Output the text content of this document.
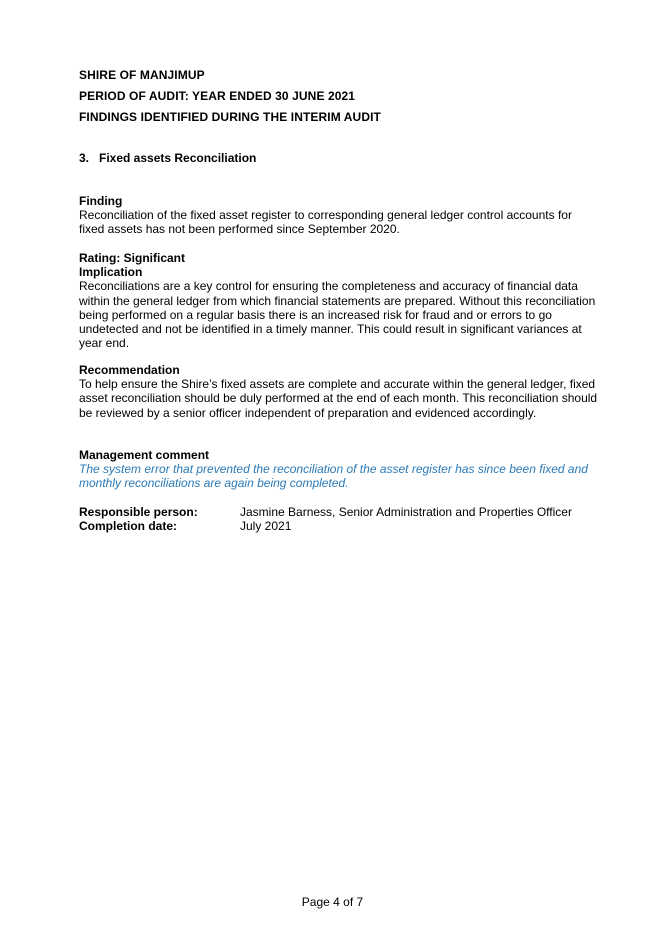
SHIRE OF MANJIMUP
PERIOD OF AUDIT: YEAR ENDED 30 JUNE 2021
FINDINGS IDENTIFIED DURING THE INTERIM AUDIT
3. Fixed assets Reconciliation
Finding

Reconciliation of the fixed asset register to corresponding general ledger control accounts for fixed assets has not been performed since September 2020.

Rating: Significant
Implication

Reconciliations are a key control for ensuring the completeness and accuracy of financial data within the general ledger from which financial statements are prepared. Without this reconciliation being performed on a regular basis there is an increased risk for fraud and or errors to go undetected and not be identified in a timely manner. This could result in significant variances at year end.

Recommendation

To help ensure the Shire’s fixed assets are complete and accurate within the general ledger, fixed asset reconciliation should be duly performed at the end of each month. This reconciliation should be reviewed by a senior officer independent of preparation and evidenced accordingly.

Management comment

The system error that prevented the reconciliation of the asset register has since been fixed and monthly reconciliations are again being completed.

Responsible person:	Jasmine Barness, Senior Administration and Properties Officer
Completion date:	July 2021
Page 4 of 7
